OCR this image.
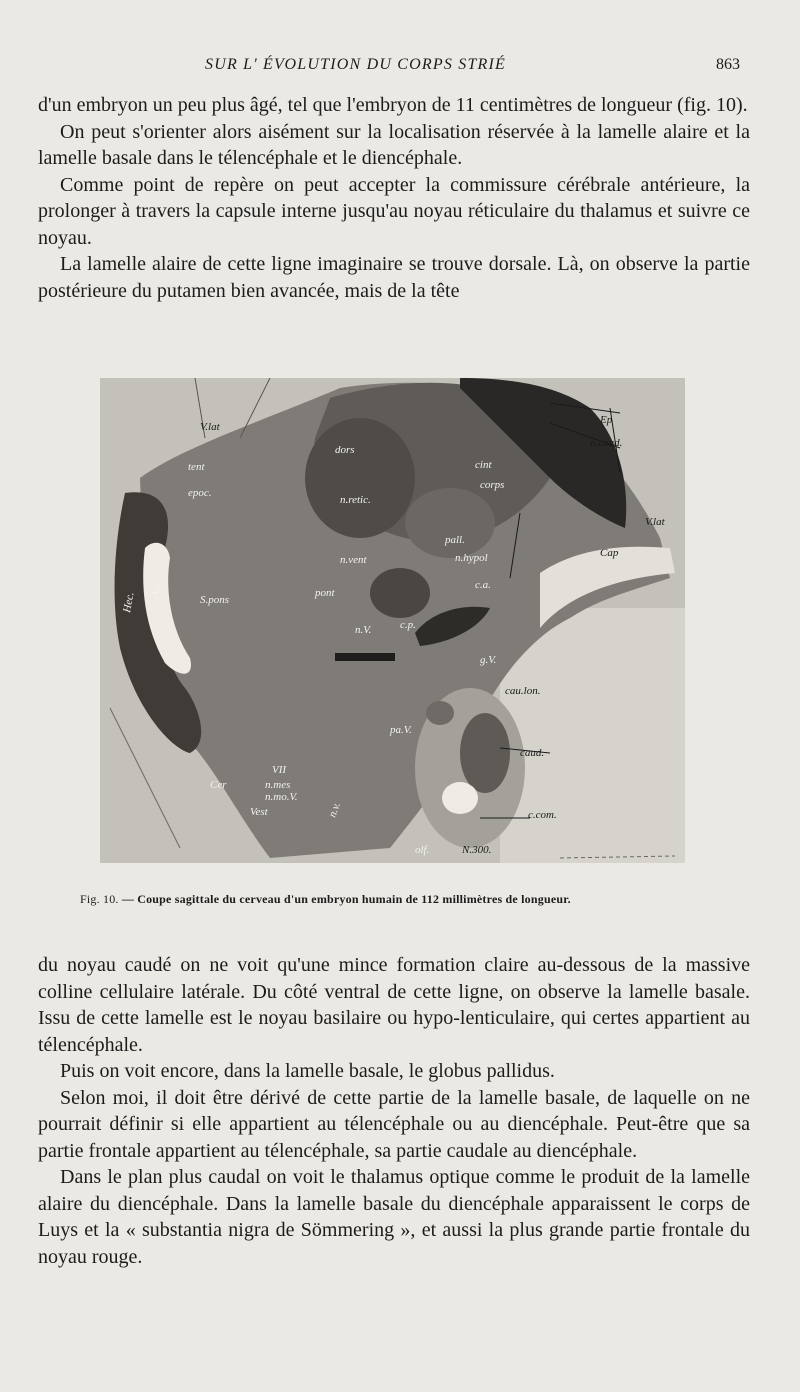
SUR L' ÉVOLUTION DU CORPS STRIÉ	863

d'un embryon un peu plus âgé, tel que l'embryon de 11 centimètres de longueur (fig. 10).

On peut s'orienter alors aisément sur la localisation réservée à la lamelle alaire et la lamelle basale dans le télencéphale et le diencéphale.

Comme point de repère on peut accepter la commissure cérébrale antérieure, la prolonger à travers la capsule interne jusqu'au noyau réticulaire du thalamus et suivre ce noyau.

La lamelle alaire de cette ligne imaginaire se trouve dorsale. Là, on observe la partie postérieure du putamen bien avancée, mais de la tête

V.lat
tent
epoc.
cint
corps
Ep
n.caud.
V.lat
dors
n.retic.
n.vent
pall.
n.hypol
c.a.
Cap
c.p.
Hec.
Aq.
S.pons
pont
n.V.
g.V.
cau.lon.
caud.
c.com.
pa.V.
VII
n.mes
n.mo.V.
Vest
Cer
n.v.
N.300.
olf.
Fig. 10. — Coupe sagittale du cerveau d'un embryon humain de 112 millimètres de longueur.

du noyau caudé on ne voit qu'une mince formation claire au-dessous de la massive colline cellulaire latérale. Du côté ventral de cette ligne, on observe la lamelle basale. Issu de cette lamelle est le noyau basilaire ou hypo-lenticulaire, qui certes appartient au télencéphale.

Puis on voit encore, dans la lamelle basale, le globus pallidus.

Selon moi, il doit être dérivé de cette partie de la lamelle basale, de laquelle on ne pourrait définir si elle appartient au télencéphale ou au diencéphale. Peut-être que sa partie frontale appartient au télencéphale, sa partie caudale au diencéphale.

Dans le plan plus caudal on voit le thalamus optique comme le produit de la lamelle alaire du diencéphale. Dans la lamelle basale du diencéphale apparaissent le corps de Luys et la « substantia nigra de Sömmering », et aussi la plus grande partie frontale du noyau rouge.
